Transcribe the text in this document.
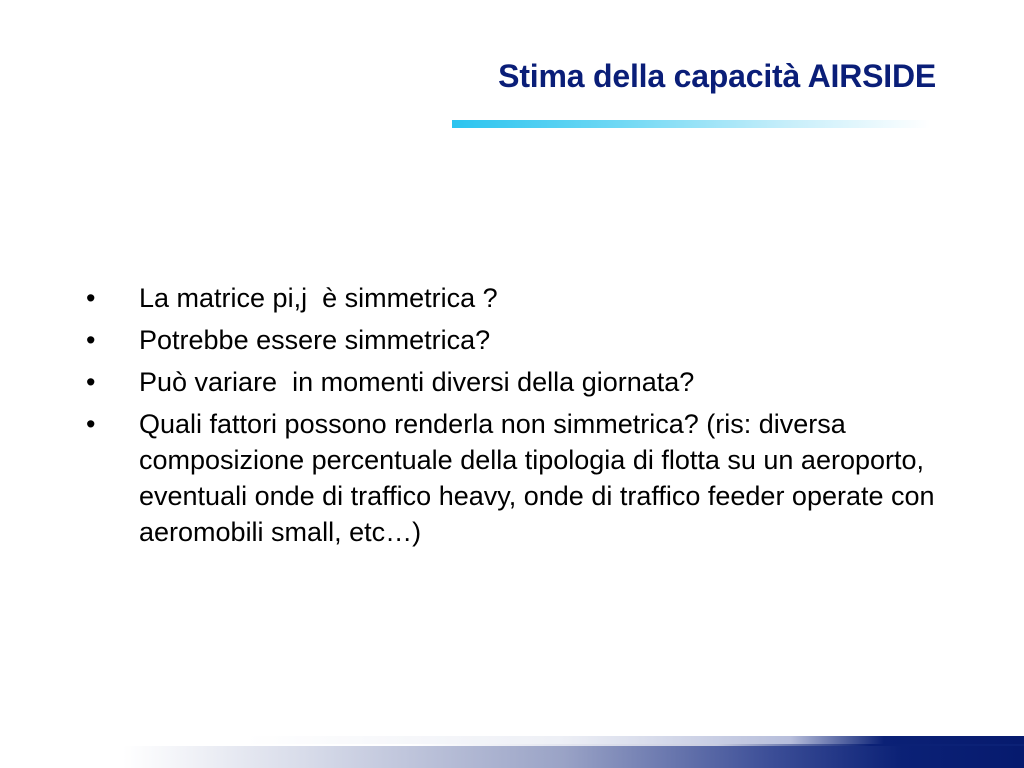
Stima della capacità AIRSIDE
•	La matrice pi,j  è simmetrica ?
•	Potrebbe essere simmetrica?
•	Può variare  in momenti diversi della giornata?
•	Quali fattori possono renderla non simmetrica? (ris: diversa composizione percentuale della tipologia di flotta su un aeroporto, eventuali onde di traffico heavy, onde di traffico feeder operate con aeromobili small, etc…)
